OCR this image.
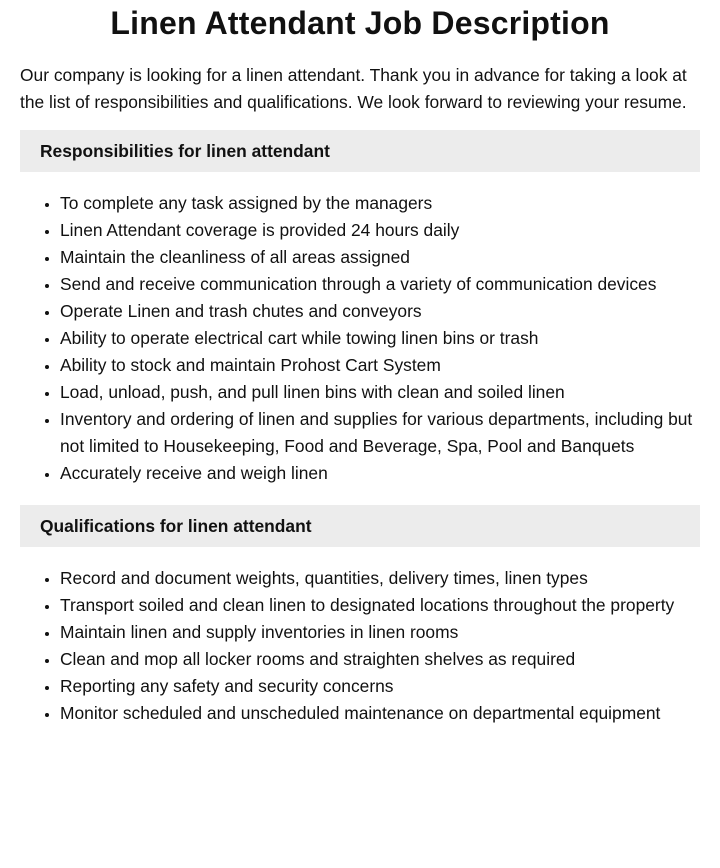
Linen Attendant Job Description

Our company is looking for a linen attendant. Thank you in advance for taking a look at the list of responsibilities and qualifications. We look forward to reviewing your resume.

Responsibilities for linen attendant
• To complete any task assigned by the managers
• Linen Attendant coverage is provided 24 hours daily
• Maintain the cleanliness of all areas assigned
• Send and receive communication through a variety of communication devices
• Operate Linen and trash chutes and conveyors
• Ability to operate electrical cart while towing linen bins or trash
• Ability to stock and maintain Prohost Cart System
• Load, unload, push, and pull linen bins with clean and soiled linen
• Inventory and ordering of linen and supplies for various departments, including but not limited to Housekeeping, Food and Beverage, Spa, Pool and Banquets
• Accurately receive and weigh linen
Qualifications for linen attendant
• Record and document weights, quantities, delivery times, linen types
• Transport soiled and clean linen to designated locations throughout the property
• Maintain linen and supply inventories in linen rooms
• Clean and mop all locker rooms and straighten shelves as required
• Reporting any safety and security concerns
• Monitor scheduled and unscheduled maintenance on departmental equipment
